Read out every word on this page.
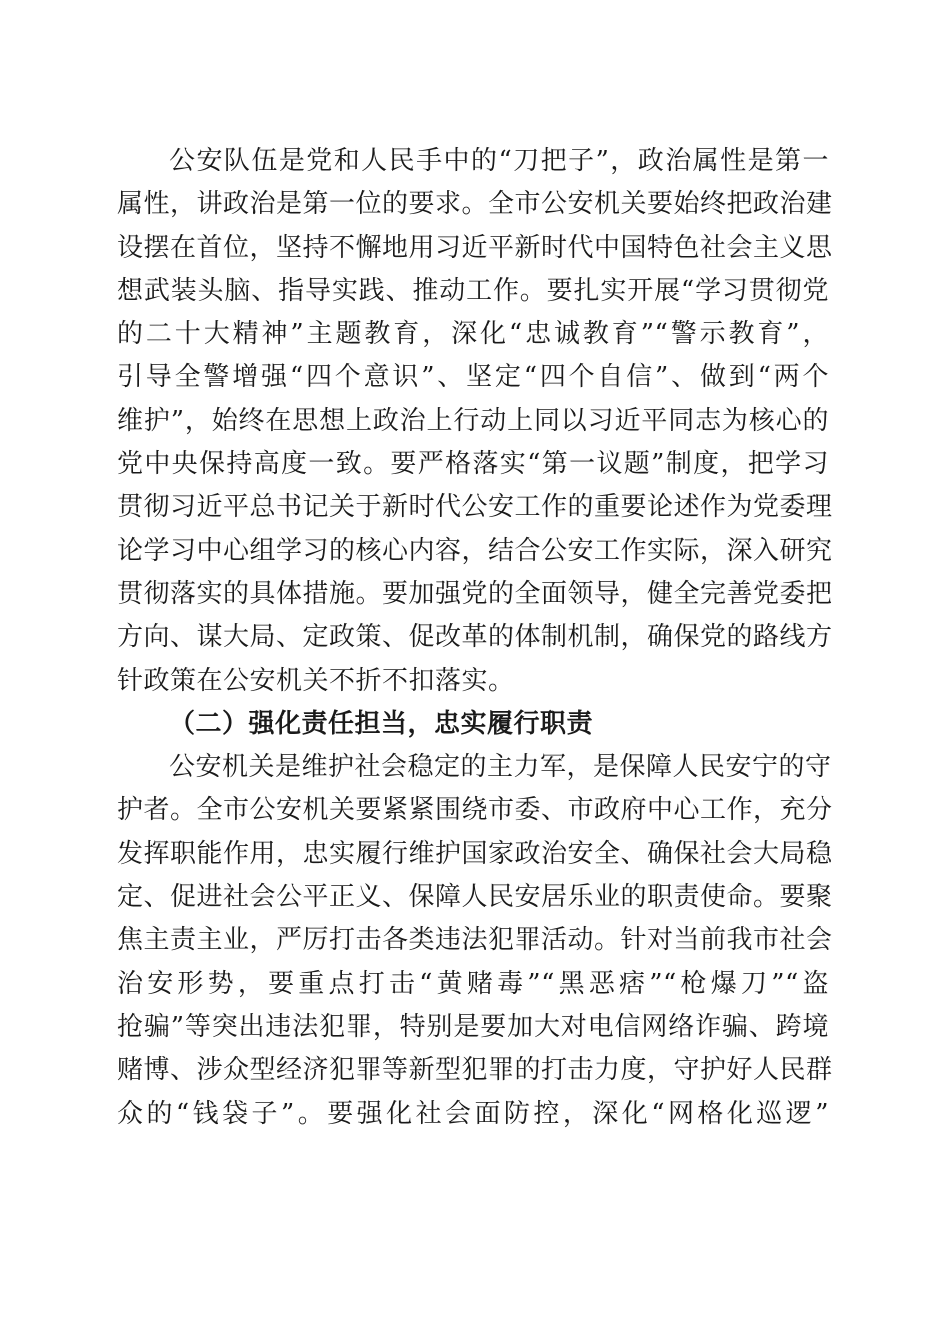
公安队伍是党和人民手中的“刀把子”，政治属性是第一
属性，讲政治是第一位的要求。全市公安机关要始终把政治建
设摆在首位，坚持不懈地用习近平新时代中国特色社会主义思
想武装头脑、指导实践、推动工作。要扎实开展“学习贯彻党
的二十大精神”主题教育，深化“忠诚教育”“警示教育”，
引导全警增强“四个意识”、坚定“四个自信”、做到“两个
维护”，始终在思想上政治上行动上同以习近平同志为核心的
党中央保持高度一致。要严格落实“第一议题”制度，把学习
贯彻习近平总书记关于新时代公安工作的重要论述作为党委理
论学习中心组学习的核心内容，结合公安工作实际，深入研究
贯彻落实的具体措施。要加强党的全面领导，健全完善党委把
方向、谋大局、定政策、促改革的体制机制，确保党的路线方
针政策在公安机关不折不扣落实。
（二）强化责任担当，忠实履行职责
公安机关是维护社会稳定的主力军，是保障人民安宁的守
护者。全市公安机关要紧紧围绕市委、市政府中心工作，充分
发挥职能作用，忠实履行维护国家政治安全、确保社会大局稳
定、促进社会公平正义、保障人民安居乐业的职责使命。要聚
焦主责主业，严厉打击各类违法犯罪活动。针对当前我市社会
治安形势，要重点打击“黄赌毒”“黑恶痞”“枪爆刀”“盗
抢骗”等突出违法犯罪，特别是要加大对电信网络诈骗、跨境
赌博、涉众型经济犯罪等新型犯罪的打击力度，守护好人民群
众的“钱袋子”。要强化社会面防控，深化“网格化巡逻”
